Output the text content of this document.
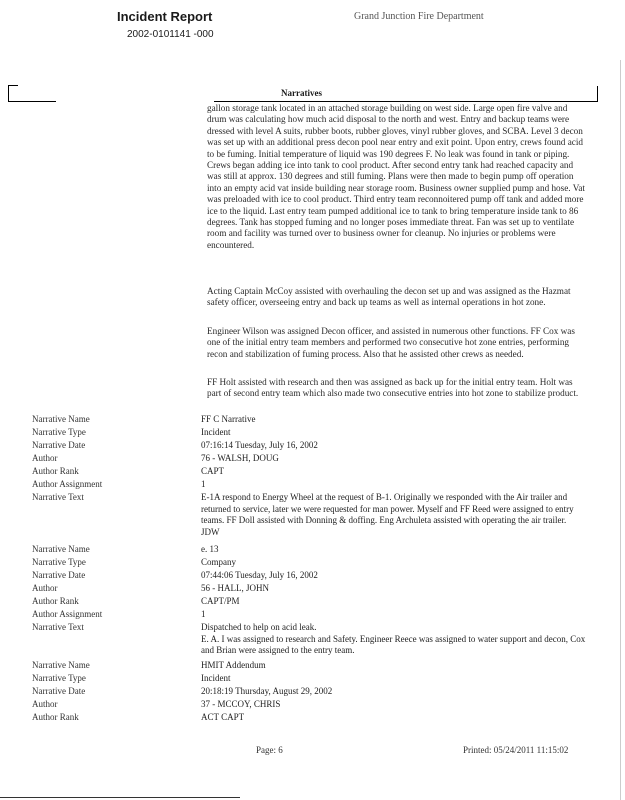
Incident Report	Grand Junction Fire Department
2002-0101141 -000
Narratives
gallon storage tank located in an attached storage building on west side. Large open fire valve and drum was calculating how much acid disposal to the north and west. Entry and backup teams were dressed with level A suits, rubber boots, rubber gloves, vinyl rubber gloves, and SCBA. Level 3 decon was set up with an additional press decon pool near entry and exit point. Upon entry, crews found acid to be fuming. Initial temperature of liquid was 190 degrees F. No leak was found in tank or piping. Crews began adding ice into tank to cool product. After second entry tank had reached capacity and was still at approx. 130 degrees and still fuming. Plans were then made to begin pump off operation into an empty acid vat inside building near storage room. Business owner supplied pump and hose. Vat was preloaded with ice to cool product. Third entry team reconnoitered pump off tank and added more ice to the liquid. Last entry team pumped additional ice to tank to bring temperature inside tank to 86 degrees. Tank has stopped fuming and no longer poses immediate threat. Fan was set up to ventilate room and facility was turned over to business owner for cleanup. No injuries or problems were encountered.
Acting Captain McCoy assisted with overhauling the decon set up and was assigned as the Hazmat safety officer, overseeing entry and back up teams as well as internal operations in hot zone.
Engineer Wilson was assigned Decon officer, and assisted in numerous other functions. FF Cox was one of the initial entry team members and performed two consecutive hot zone entries, performing recon and stabilization of fuming process. Also that he assisted other crews as needed.
FF Holt assisted with research and then was assigned as back up for the initial entry team. Holt was part of second entry team which also made two consecutive entries into hot zone to stabilize product.
Narrative Name	FF C Narrative
Narrative Type	Incident
Narrative Date	07:16:14 Tuesday, July 16, 2002
Author	76 - WALSH, DOUG
Author Rank	CAPT
Author Assignment	1
Narrative Text	E-1A respond to Energy Wheel at the request of B-1. Originally we responded with the Air trailer and returned to service, later we were requested for man power. Myself and FF Reed were assigned to entry teams. FF Doll assisted with Donning & doffing. Eng Archuleta assisted with operating the air trailer. JDW
Narrative Name	e. 13
Narrative Type	Company
Narrative Date	07:44:06 Tuesday, July 16, 2002
Author	56 - HALL, JOHN
Author Rank	CAPT/PM
Author Assignment	1
Narrative Text	Dispatched to help on acid leak.
E. A. I was assigned to research and Safety. Engineer Reece was assigned to water support and decon, Cox and Brian were assigned to the entry team.
Narrative Name	HMIT Addendum
Narrative Type	Incident
Narrative Date	20:18:19 Thursday, August 29, 2002
Author	37 - MCCOY, CHRIS
Author Rank	ACT CAPT
Page: 6	Printed: 05/24/2011 11:15:02
